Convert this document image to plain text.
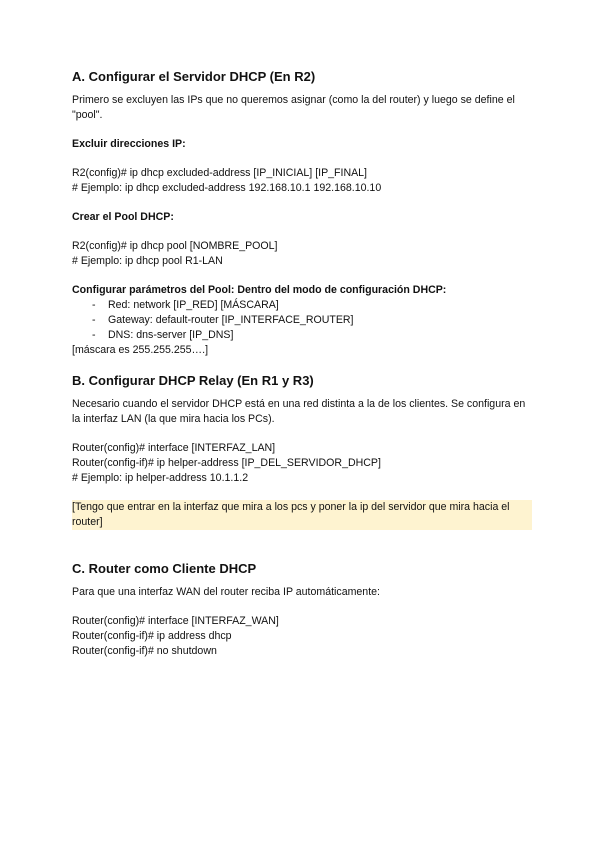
A. Configurar el Servidor DHCP (En R2)

Primero se excluyen las IPs que no queremos asignar (como la del router) y luego se define el "pool".

Excluir direcciones IP:

R2(config)# ip dhcp excluded-address [IP_INICIAL] [IP_FINAL]

# Ejemplo: ip dhcp excluded-address 192.168.10.1 192.168.10.10

Crear el Pool DHCP:

R2(config)# ip dhcp pool [NOMBRE_POOL]

# Ejemplo: ip dhcp pool R1-LAN

Configurar parámetros del Pool: Dentro del modo de configuración DHCP:

-	Red: network [IP_RED] [MÁSCARA]
-	Gateway: default-router [IP_INTERFACE_ROUTER]
-	DNS: dns-server [IP_DNS]

[máscara es 255.255.255….]

B. Configurar DHCP Relay (En R1 y R3)

Necesario cuando el servidor DHCP está en una red distinta a la de los clientes. Se configura en la interfaz LAN (la que mira hacia los PCs).

Router(config)# interface [INTERFAZ_LAN]

Router(config-if)# ip helper-address [IP_DEL_SERVIDOR_DHCP]

# Ejemplo: ip helper-address 10.1.1.2

[Tengo que entrar en la interfaz que mira a los pcs y poner la ip del servidor que mira hacia el router]

C. Router como Cliente DHCP

Para que una interfaz WAN del router reciba IP automáticamente:

Router(config)# interface [INTERFAZ_WAN]

Router(config-if)# ip address dhcp

Router(config-if)# no shutdown
